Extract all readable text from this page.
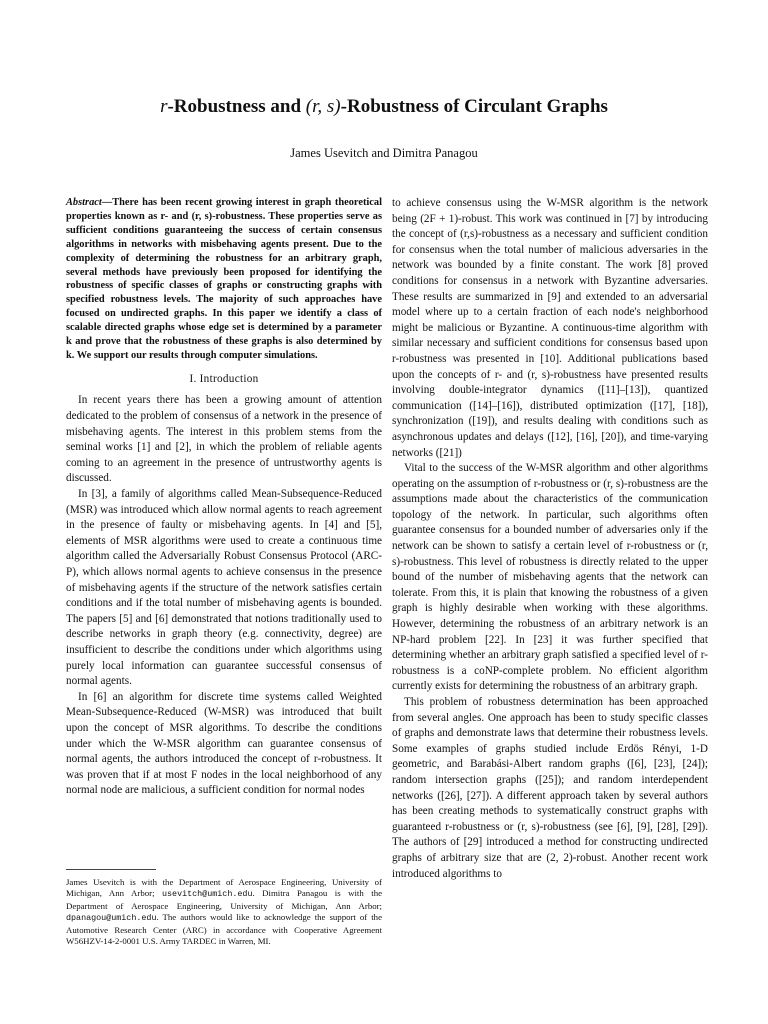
r-Robustness and (r, s)-Robustness of Circulant Graphs
James Usevitch and Dimitra Panagou
Abstract—There has been recent growing interest in graph theoretical properties known as r- and (r, s)-robustness. These properties serve as sufficient conditions guaranteeing the success of certain consensus algorithms in networks with misbehaving agents present. Due to the complexity of determining the robustness for an arbitrary graph, several methods have previously been proposed for identifying the robustness of specific classes of graphs or constructing graphs with specified robustness levels. The majority of such approaches have focused on undirected graphs. In this paper we identify a class of scalable directed graphs whose edge set is determined by a parameter k and prove that the robustness of these graphs is also determined by k. We support our results through computer simulations.
I. Introduction

In recent years there has been a growing amount of attention dedicated to the problem of consensus of a network in the presence of misbehaving agents. The interest in this problem stems from the seminal works [1] and [2], in which the problem of reliable agents coming to an agreement in the presence of untrustworthy agents is discussed.

In [3], a family of algorithms called Mean-Subsequence-Reduced (MSR) was introduced which allow normal agents to reach agreement in the presence of faulty or misbehaving agents. In [4] and [5], elements of MSR algorithms were used to create a continuous time algorithm called the Adversarially Robust Consensus Protocol (ARC-P), which allows normal agents to achieve consensus in the presence of misbehaving agents if the structure of the network satisfies certain conditions and if the total number of misbehaving agents is bounded. The papers [5] and [6] demonstrated that notions traditionally used to describe networks in graph theory (e.g. connectivity, degree) are insufficient to describe the conditions under which algorithms using purely local information can guarantee successful consensus of normal agents.

In [6] an algorithm for discrete time systems called Weighted Mean-Subsequence-Reduced (W-MSR) was introduced that built upon the concept of MSR algorithms. To describe the conditions under which the W-MSR algorithm can guarantee consensus of normal agents, the authors introduced the concept of r-robustness. It was proven that if at most F nodes in the local neighborhood of any normal node are malicious, a sufficient condition for normal nodes

to achieve consensus using the W-MSR algorithm is the network being (2F + 1)-robust. This work was continued in [7] by introducing the concept of (r,s)-robustness as a necessary and sufficient condition for consensus when the total number of malicious adversaries in the network was bounded by a finite constant. The work [8] proved conditions for consensus in a network with Byzantine adversaries. These results are summarized in [9] and extended to an adversarial model where up to a certain fraction of each node's neighborhood might be malicious or Byzantine. A continuous-time algorithm with similar necessary and sufficient conditions for consensus based upon r-robustness was presented in [10]. Additional publications based upon the concepts of r- and (r, s)-robustness have presented results involving double-integrator dynamics ([11]–[13]), quantized communication ([14]–[16]), distributed optimization ([17], [18]), synchronization ([19]), and results dealing with conditions such as asynchronous updates and delays ([12], [16], [20]), and time-varying networks ([21])

Vital to the success of the W-MSR algorithm and other algorithms operating on the assumption of r-robustness or (r, s)-robustness are the assumptions made about the characteristics of the communication topology of the network. In particular, such algorithms often guarantee consensus for a bounded number of adversaries only if the network can be shown to satisfy a certain level of r-robustness or (r, s)-robustness. This level of robustness is directly related to the upper bound of the number of misbehaving agents that the network can tolerate. From this, it is plain that knowing the robustness of a given graph is highly desirable when working with these algorithms. However, determining the robustness of an arbitrary network is an NP-hard problem [22]. In [23] it was further specified that determining whether an arbitrary graph satisfied a specified level of r-robustness is a coNP-complete problem. No efficient algorithm currently exists for determining the robustness of an arbitrary graph.

This problem of robustness determination has been approached from several angles. One approach has been to study specific classes of graphs and demonstrate laws that determine their robustness levels. Some examples of graphs studied include Erdös Rényi, 1-D geometric, and Barabási-Albert random graphs ([6], [23], [24]); random intersection graphs ([25]); and random interdependent networks ([26], [27]). A different approach taken by several authors has been creating methods to systematically construct graphs with guaranteed r-robustness or (r, s)-robustness (see [6], [9], [28], [29]). The authors of [29] introduced a method for constructing undirected graphs of arbitrary size that are (2, 2)-robust. Another recent work introduced algorithms to

James Usevitch is with the Department of Aerospace Engineering, University of Michigan, Ann Arbor; usevitch@umich.edu. Dimitra Panagou is with the Department of Aerospace Engineering, University of Michigan, Ann Arbor; dpanagou@umich.edu. The authors would like to acknowledge the support of the Automotive Research Center (ARC) in accordance with Cooperative Agreement W56HZV-14-2-0001 U.S. Army TARDEC in Warren, MI.
